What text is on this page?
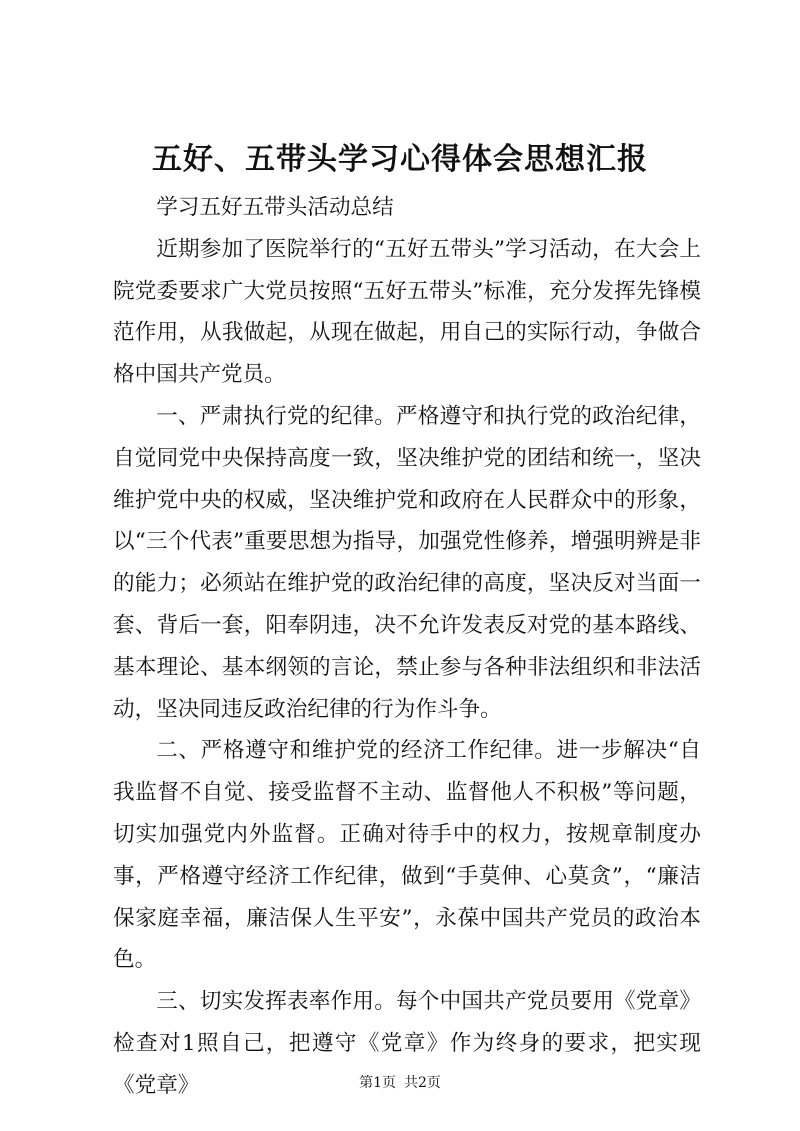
五好、五带头学习心得体会思想汇报

学习五好五带头活动总结

近期参加了医院举行的“五好五带头”学习活动，在大会上院党委要求广大党员按照“五好五带头”标准，充分发挥先锋模范作用，从我做起，从现在做起，用自己的实际行动，争做合格中国共产党员。

一、严肃执行党的纪律。严格遵守和执行党的政治纪律，自觉同党中央保持高度一致，坚决维护党的团结和统一，坚决维护党中央的权威，坚决维护党和政府在人民群众中的形象，以“三个代表”重要思想为指导，加强党性修养，增强明辨是非的能力；必须站在维护党的政治纪律的高度，坚决反对当面一套、背后一套，阳奉阴违，决不允许发表反对党的基本路线、基本理论、基本纲领的言论，禁止参与各种非法组织和非法活动，坚决同违反政治纪律的行为作斗争。

二、严格遵守和维护党的经济工作纪律。进一步解决“自我监督不自觉、接受监督不主动、监督他人不积极”等问题，切实加强党内外监督。正确对待手中的权力，按规章制度办事，严格遵守经济工作纪律，做到“手莫伸、心莫贪”，“廉洁保家庭幸福，廉洁保人生平安”，永葆中国共产党员的政治本色。

三、切实发挥表率作用。每个中国共产党员要用《党章》检查对1照自己，把遵守《党章》作为终身的要求，把实现《党章》	第1页 共2页
